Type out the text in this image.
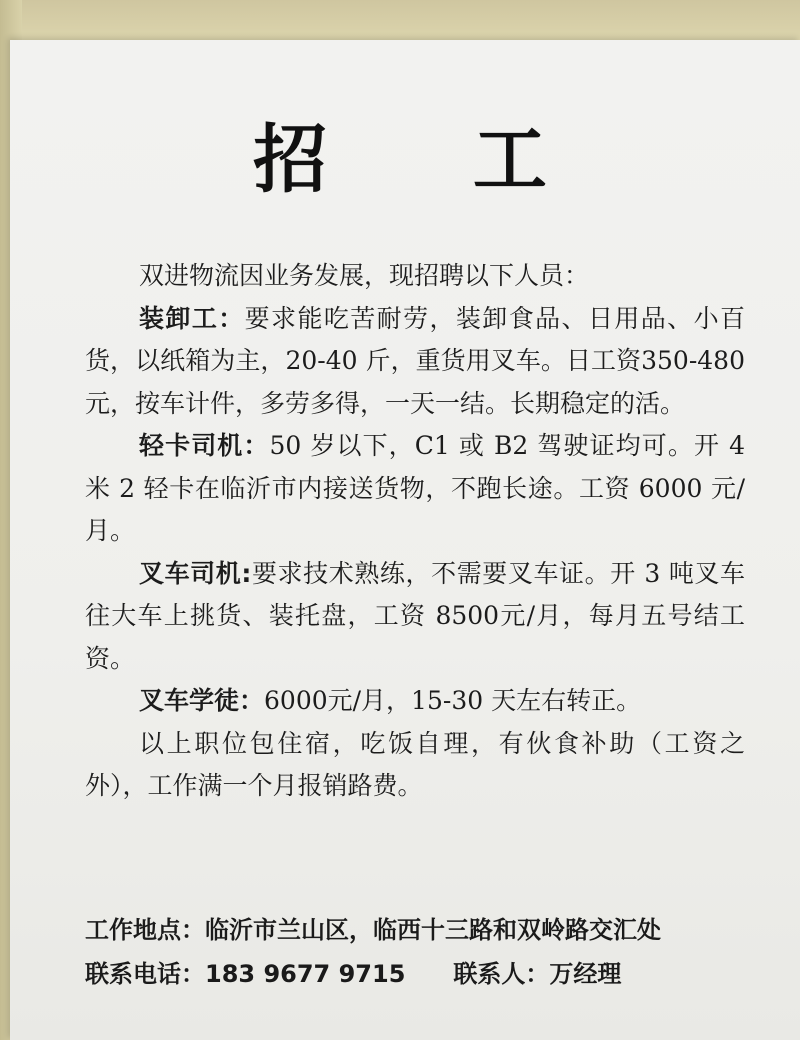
招 工

双进物流因业务发展，现招聘以下人员：

装卸工：要求能吃苦耐劳，装卸食品、日用品、小百货，以纸箱为主，20-40 斤，重货用叉车。日工资350-480元，按车计件，多劳多得，一天一结。长期稳定的活。

轻卡司机：50 岁以下，C1 或 B2 驾驶证均可。开 4 米 2 轻卡在临沂市内接送货物，不跑长途。工资 6000 元/月。

叉车司机:要求技术熟练，不需要叉车证。开 3 吨叉车往大车上挑货、装托盘，工资 8500元/月，每月五号结工资。

叉车学徒：6000元/月，15-30 天左右转正。

以上职位包住宿，吃饭自理，有伙食补助（工资之外），工作满一个月报销路费。

工作地点：临沂市兰山区，临西十三路和双岭路交汇处
联系电话：183 9677 9715 联系人：万经理
